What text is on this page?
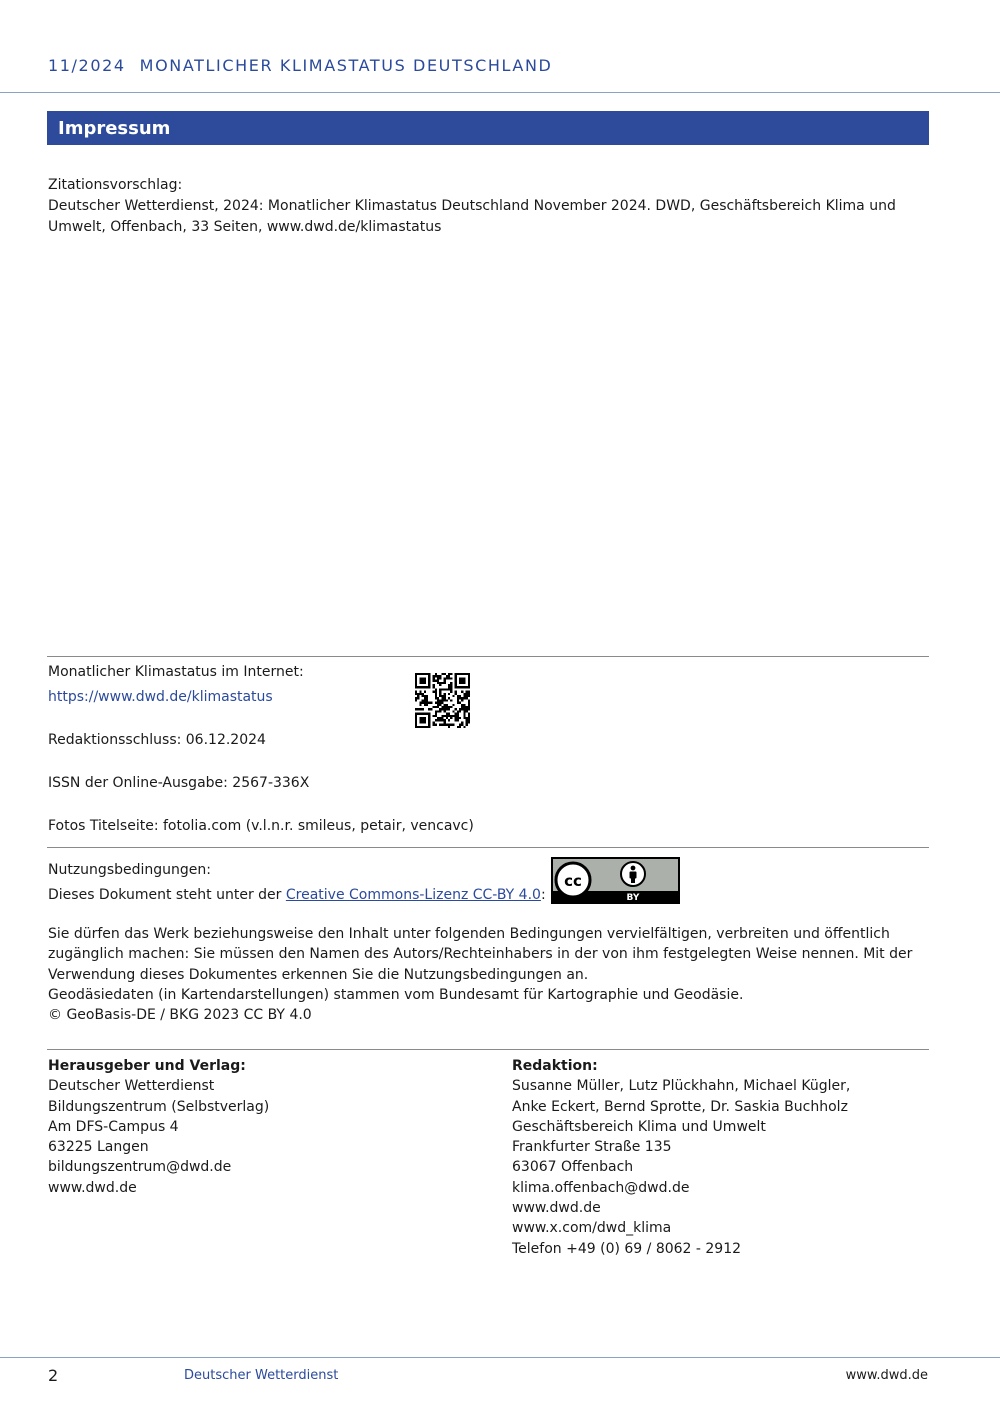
11/2024 MONATLICHER KLIMASTATUS DEUTSCHLAND
Impressum
Zitationsvorschlag:
Deutscher Wetterdienst, 2024: Monatlicher Klimastatus Deutschland November 2024. DWD, Geschäftsbereich Klima und
Umwelt, Offenbach, 33 Seiten, www.dwd.de/klimastatus
Monatlicher Klimastatus im Internet:
https://www.dwd.de/klimastatus
Redaktionsschluss: 06.12.2024
ISSN der Online-Ausgabe: 2567-336X
Fotos Titelseite: fotolia.com (v.l.n.r. smileus, petair, vencavc)
Nutzungsbedingungen:
Dieses Dokument steht unter der Creative Commons-Lizenz CC-BY 4.0:
cc
BY
Sie dürfen das Werk beziehungsweise den Inhalt unter folgenden Bedingungen vervielfältigen, verbreiten und öffentlich
zugänglich machen: Sie müssen den Namen des Autors/Rechteinhabers in der von ihm festgelegten Weise nennen. Mit der
Verwendung dieses Dokumentes erkennen Sie die Nutzungsbedingungen an.
Geodäsiedaten (in Kartendarstellungen) stammen vom Bundesamt für Kartographie und Geodäsie.
© GeoBasis-DE / BKG 2023 CC BY 4.0
Herausgeber und Verlag:
Deutscher Wetterdienst
Bildungszentrum (Selbstverlag)
Am DFS-Campus 4
63225 Langen
bildungszentrum@dwd.de
www.dwd.de
Redaktion:
Susanne Müller, Lutz Plückhahn, Michael Kügler,
Anke Eckert, Bernd Sprotte, Dr. Saskia Buchholz
Geschäftsbereich Klima und Umwelt
Frankfurter Straße 135
63067 Offenbach
klima.offenbach@dwd.de
www.dwd.de
www.x.com/dwd_klima
Telefon +49 (0) 69 / 8062 - 2912
2	Deutscher Wetterdienst	www.dwd.de
